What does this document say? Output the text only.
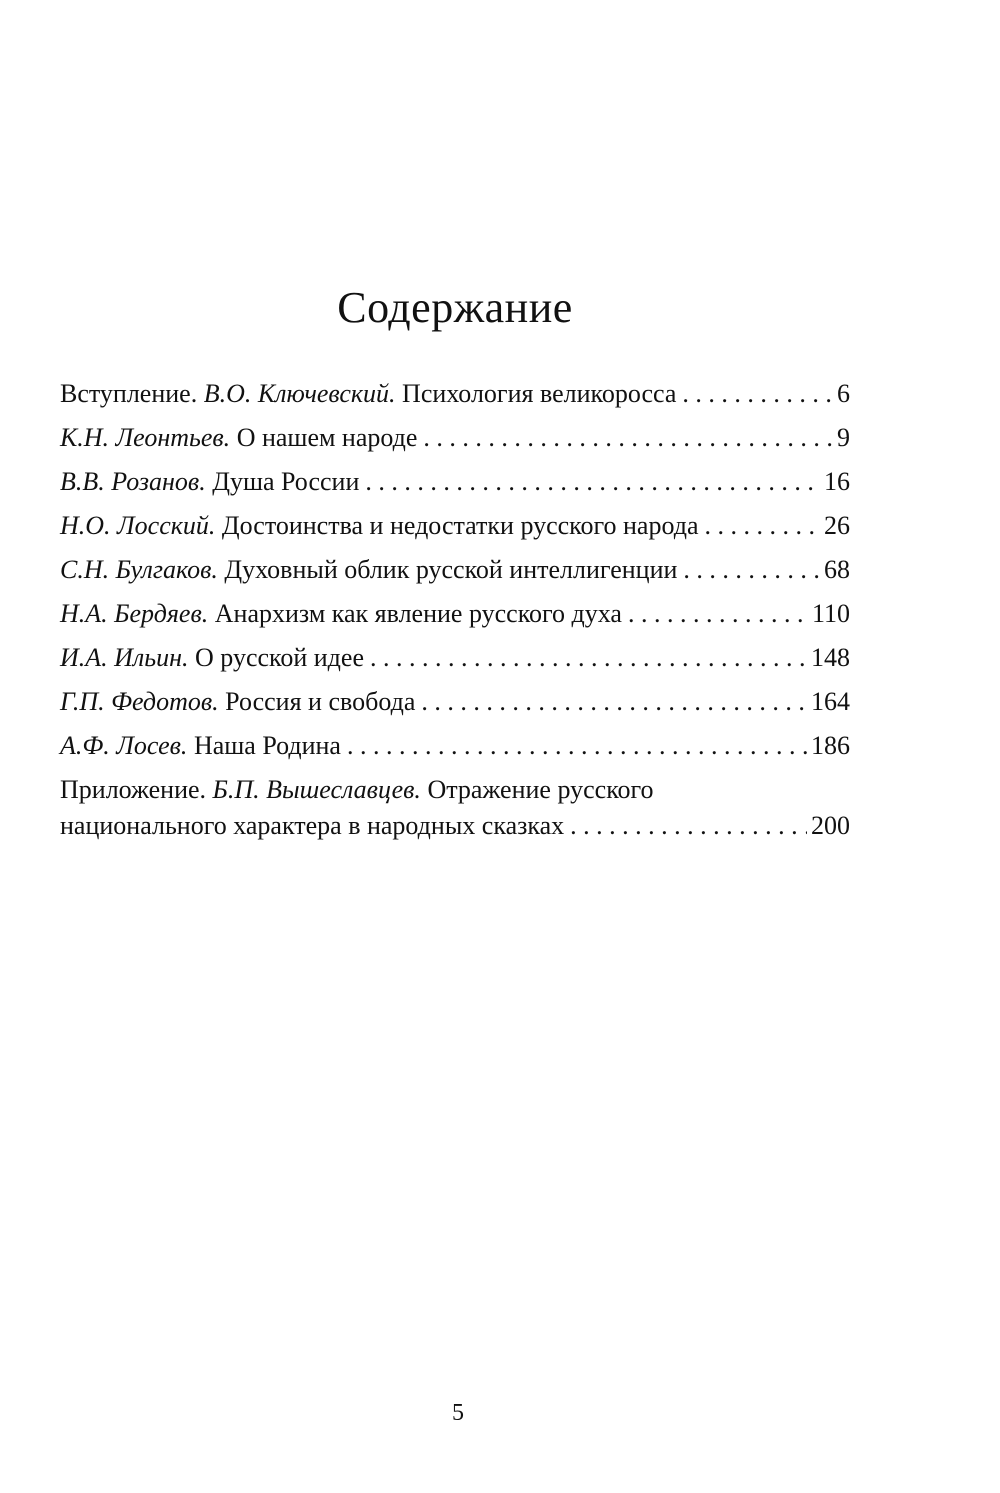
Содержание
Вступление. В.О. Ключевский. Психология великоросса . . .	6
К.Н. Леонтьев. О нашем народе . . .	9
В.В. Розанов. Душа России . . .	16
Н.О. Лосский. Достоинства и недостатки русского народа . . .	26
С.Н. Булгаков. Духовный облик русской интеллигенции . . .	68
Н.А. Бердяев. Анархизм как явление русского духа . . .	110
И.А. Ильин. О русской идее . . .	148
Г.П. Федотов. Россия и свобода . . .	164
А.Ф. Лосев. Наша Родина . . .	186
Приложение. Б.П. Вышеславцев. Отражение русского
национального характера в народных сказках . . .	200

5
